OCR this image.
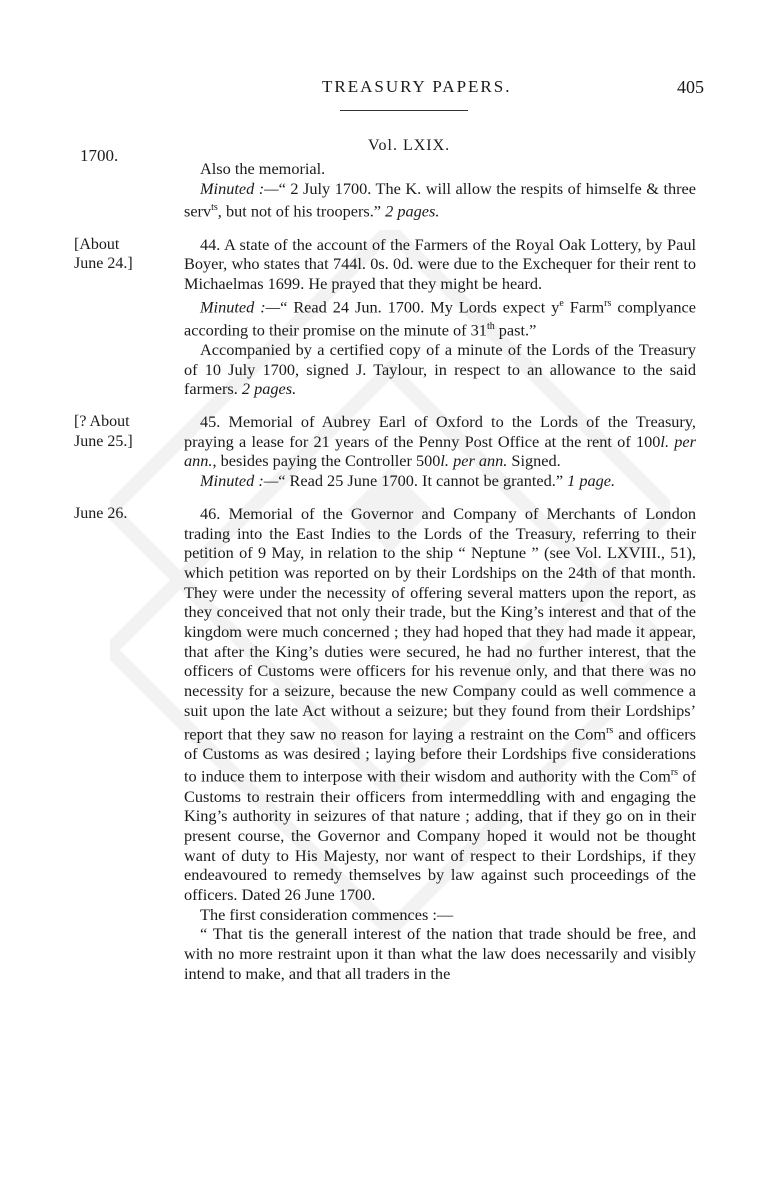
TREASURY PAPERS.	405
1700.
Vol. LXIX.

Also the memorial.

Minuted :—“ 2 July 1700. The K. will allow the respits of himselfe & three serv$^{ts}$, but not of his troopers.” 2 pages.

[About
June 24.]

44. A state of the account of the Farmers of the Royal Oak Lottery, by Paul Boyer, who states that 744l. 0s. 0d. were due to the Exchequer for their rent to Michaelmas 1699. He prayed that they might be heard.

Minuted :—“ Read 24 Jun. 1700. My Lords expect $y^e$ Farm$^{rs}$ complyance according to their promise on the minute of 31th past.”

Accompanied by a certified copy of a minute of the Lords of the Treasury of 10 July 1700, signed J. Taylour, in respect to an allowance to the said farmers. 2 pages.

[? About
June 25.]

45. Memorial of Aubrey Earl of Oxford to the Lords of the Treasury, praying a lease for 21 years of the Penny Post Office at the rent of 100l. per ann., besides paying the Controller 500l. per ann. Signed.

Minuted :—“ Read 25 June 1700. It cannot be granted.” 1 page.

June 26.	46. Memorial of the Governor and Company of Merchants of London trading into the East Indies to the Lords of the Treasury, referring to their petition of 9 May, in relation to the ship “ Neptune ” (see Vol. LXVIII., 51), which petition was reported on by their Lordships on the 24th of that month. They were under the necessity of offering several matters upon the report, as they conceived that not only their trade, but the King’s interest and that of the kingdom were much concerned ; they had hoped that they had made it appear, that after the King’s duties were secured, he had no further interest, that the officers of Customs were officers for his revenue only, and that there was no necessity for a seizure, because the new Company could as well commence a suit upon the late Act without a seizure; but they found from their Lordships’ report that they saw no reason for laying a restraint on the Com$^{rs}$ and officers of Customs as was desired ; laying before their Lordships five considerations to induce them to interpose with their wisdom and authority with the Com$^{rs}$ of Customs to restrain their officers from intermeddling with and engaging the King’s authority in seizures of that nature ; adding, that if they go on in their present course, the Governor and Company hoped it would not be thought want of duty to His Majesty, nor want of respect to their Lordships, if they endeavoured to remedy themselves by law against such proceedings of the officers. Dated 26 June 1700.

The first consideration commences :—

“ That tis the generall interest of the nation that trade should be free, and with no more restraint upon it than what the law does necessarily and visibly intend to make, and that all traders in the
